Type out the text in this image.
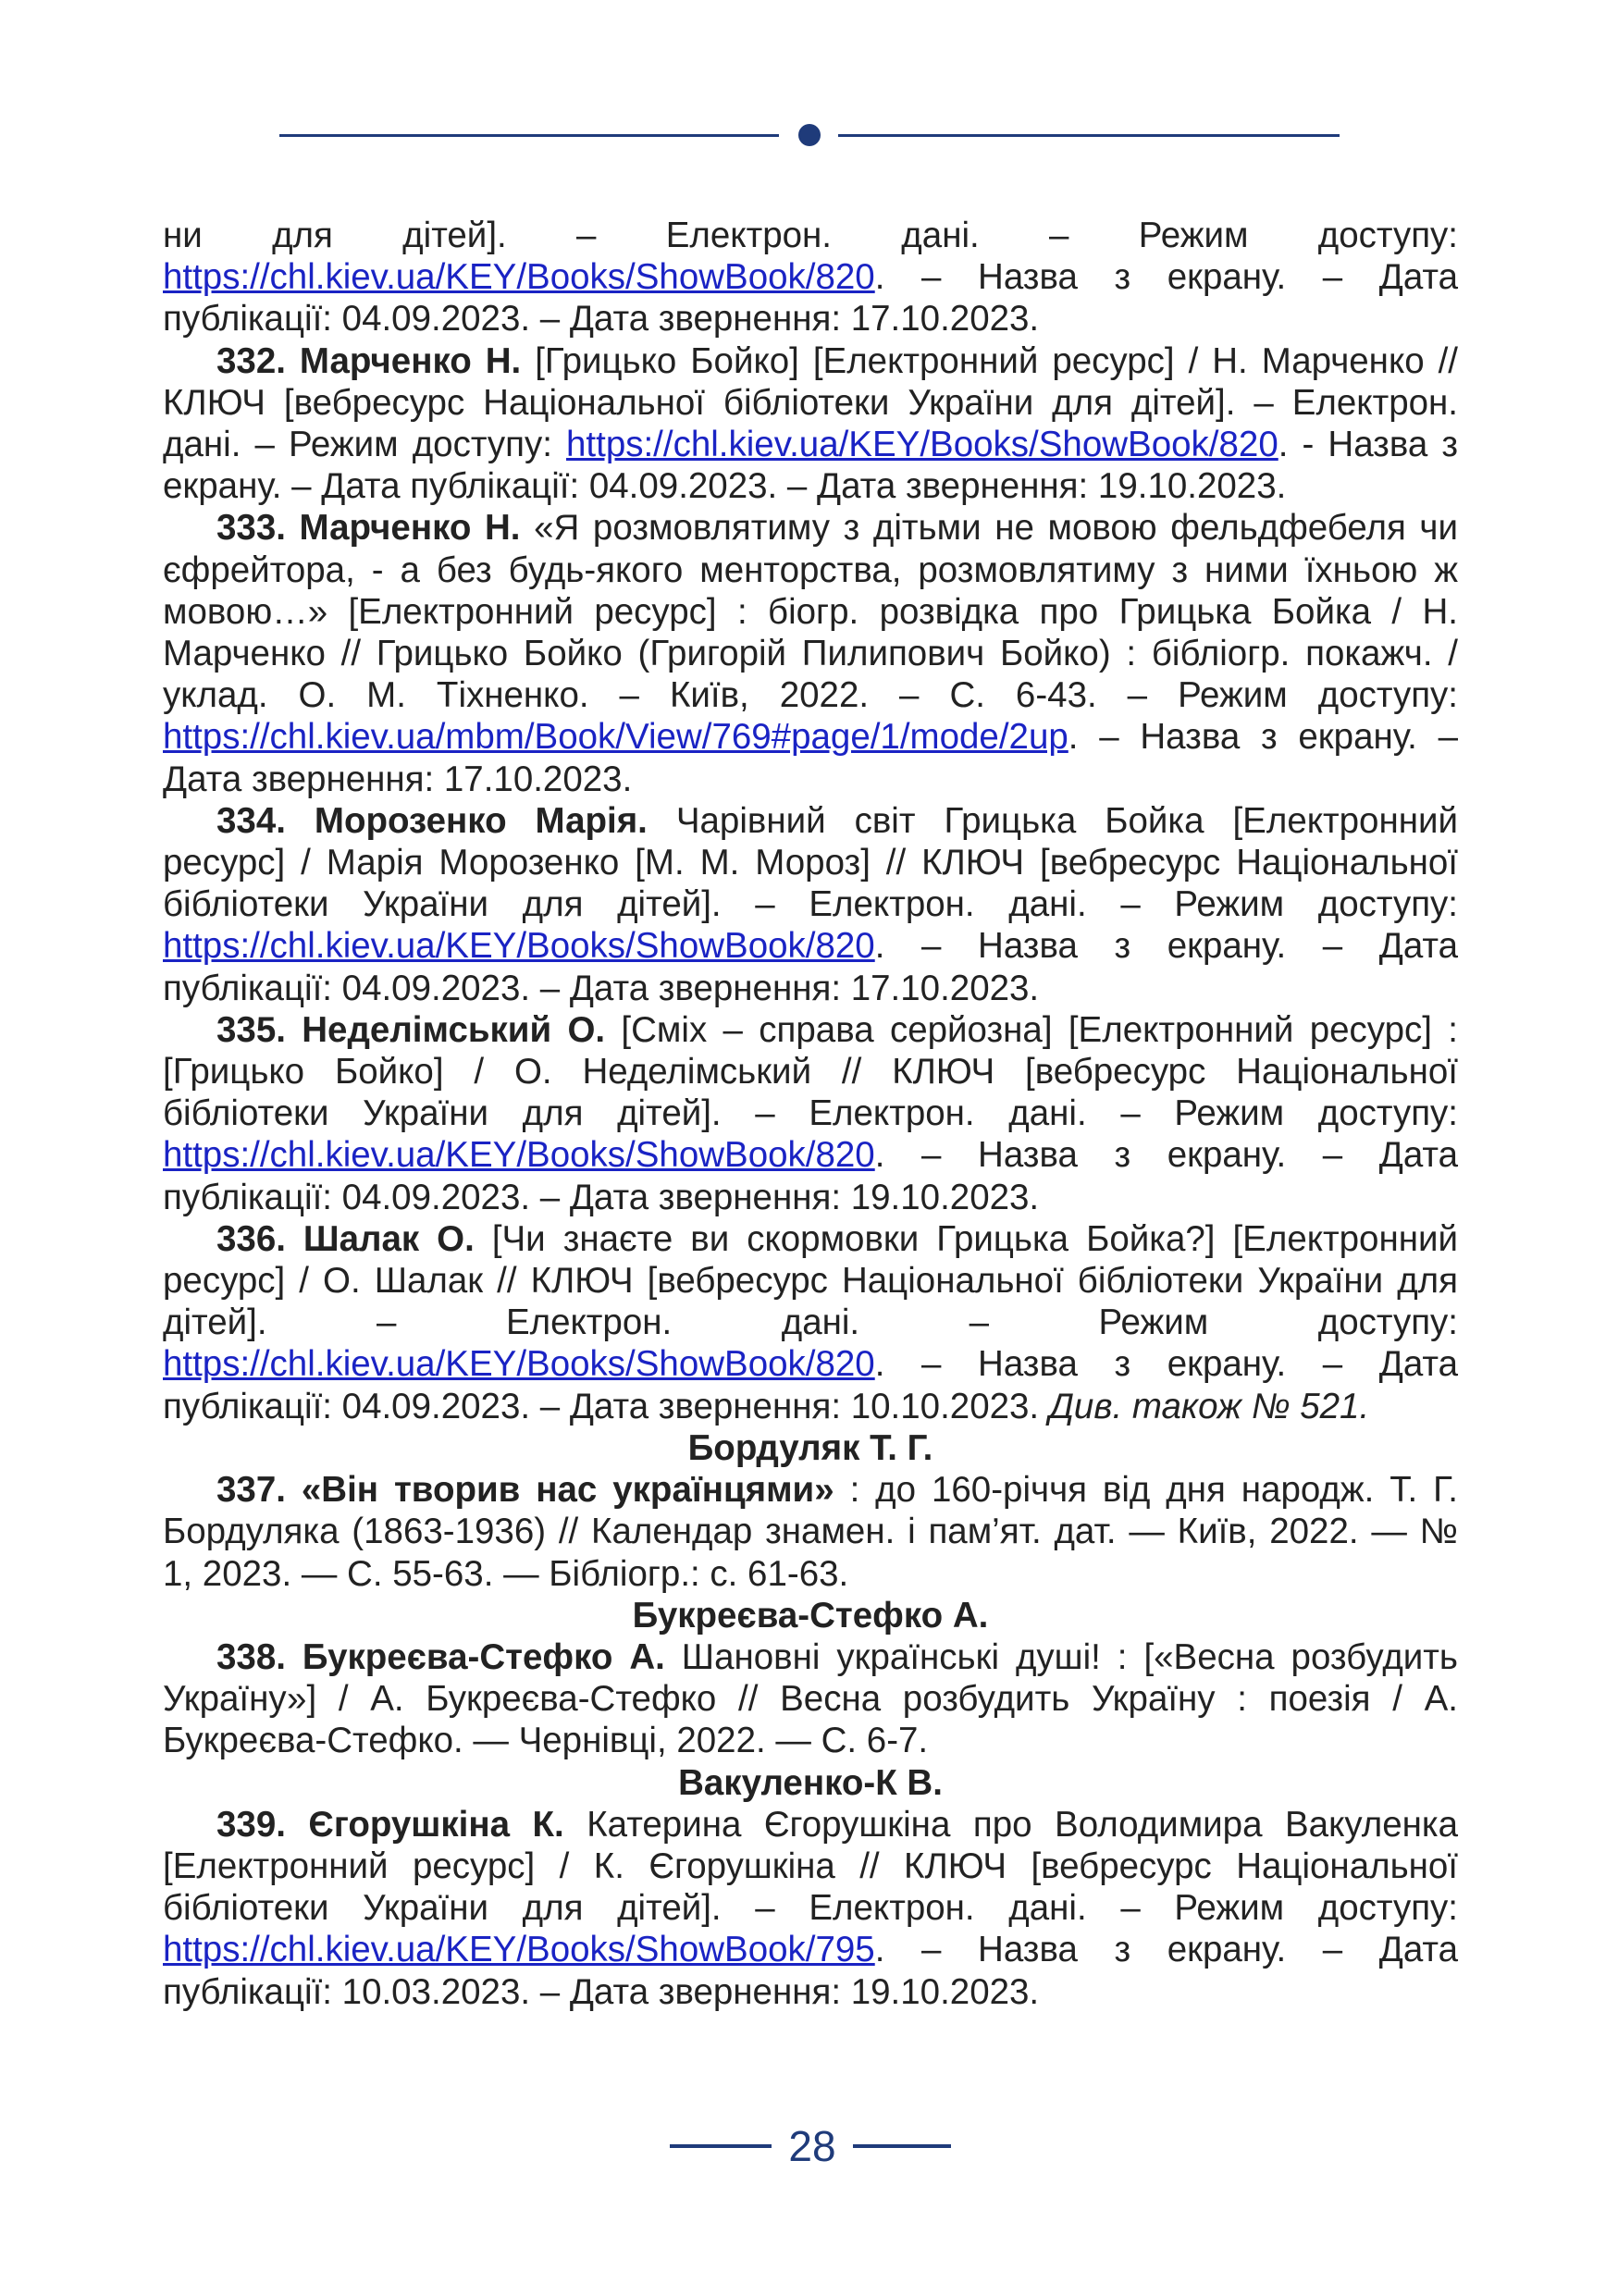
ни для дітей]. – Електрон. дані. – Режим доступу: https://chl.kiev.ua/KEY/Books/ShowBook/820. – Назва з екрану. – Дата публікації: 04.09.2023. – Дата звернення: 17.10.2023.

332. Марченко Н. [Грицько Бойко] [Електронний ресурс] / Н. Марченко // КЛЮЧ [вебресурс Національної бібліотеки України для дітей]. – Електрон. дані. – Режим доступу: https://chl.kiev.ua/KEY/Books/ShowBook/820. - Назва з екрану. – Дата публікації: 04.09.2023. – Дата звернення: 19.10.2023.

333. Марченко Н. «Я розмовлятиму з дітьми не мовою фельдфебеля чи єфрейтора, - а без будь-якого менторства, розмовлятиму з ними їхньою ж мовою…» [Електронний ресурс] : біогр. розвідка про Грицька Бойка / Н. Марченко // Грицько Бойко (Григорій Пилипович Бойко) : бібліогр. покажч. / уклад. О. М. Тіхненко. – Київ, 2022. – С. 6-43. – Режим доступу: https://chl.kiev.ua/mbm/Book/View/769#page/1/mode/2up. – Назва з екрану. – Дата звернення: 17.10.2023.

334. Морозенко Марія. Чарівний світ Грицька Бойка [Електронний ресурс] / Марія Морозенко [М. М. Мороз] // КЛЮЧ [вебресурс Національної бібліотеки України для дітей]. – Електрон. дані. – Режим доступу: https://chl.kiev.ua/KEY/Books/ShowBook/820. – Назва з екрану. – Дата публікації: 04.09.2023. – Дата звернення: 17.10.2023.

335. Неделімський О. [Сміх – справа серйозна] [Електронний ресурс] : [Грицько Бойко] / О. Неделімський // КЛЮЧ [вебресурс Національної бібліотеки України для дітей]. – Електрон. дані. – Режим доступу: https://chl.kiev.ua/KEY/Books/ShowBook/820. – Назва з екрану. – Дата публікації: 04.09.2023. – Дата звернення: 19.10.2023.

336. Шалак О. [Чи знаєте ви скормовки Грицька Бойка?] [Електронний ресурс] / О. Шалак // КЛЮЧ [вебресурс Національної бібліотеки України для дітей]. – Електрон. дані. – Режим доступу: https://chl.kiev.ua/KEY/Books/ShowBook/820. – Назва з екрану. – Дата публікації: 04.09.2023. – Дата звернення: 10.10.2023. Див. також № 521.

Бордуляк Т. Г.

337. «Він творив нас українцями» : до 160-річчя від дня народж. Т. Г. Бордуляка (1863-1936) // Календар знамен. і пам’ят. дат. — Київ, 2022. — № 1, 2023. — С. 55-63. — Бібліогр.: с. 61-63.

Букреєва-Стефко А.

338. Букреєва-Стефко А. Шановні українські душі! : [«Весна розбудить Україну»] / А. Букреєва-Стефко // Весна розбудить Україну : поезія / А. Букреєва-Стефко. — Чернівці, 2022. — С. 6-7.

Вакуленко-К В.

339. Єгорушкіна К. Катерина Єгорушкіна про Володимира Вакуленка [Електронний ресурс] / К. Єгорушкіна // КЛЮЧ [вебресурс Національної бібліотеки України для дітей]. – Електрон. дані. – Режим доступу: https://chl.kiev.ua/KEY/Books/ShowBook/795. – Назва з екрану. – Дата публікації: 10.03.2023. – Дата звернення: 19.10.2023.

28
